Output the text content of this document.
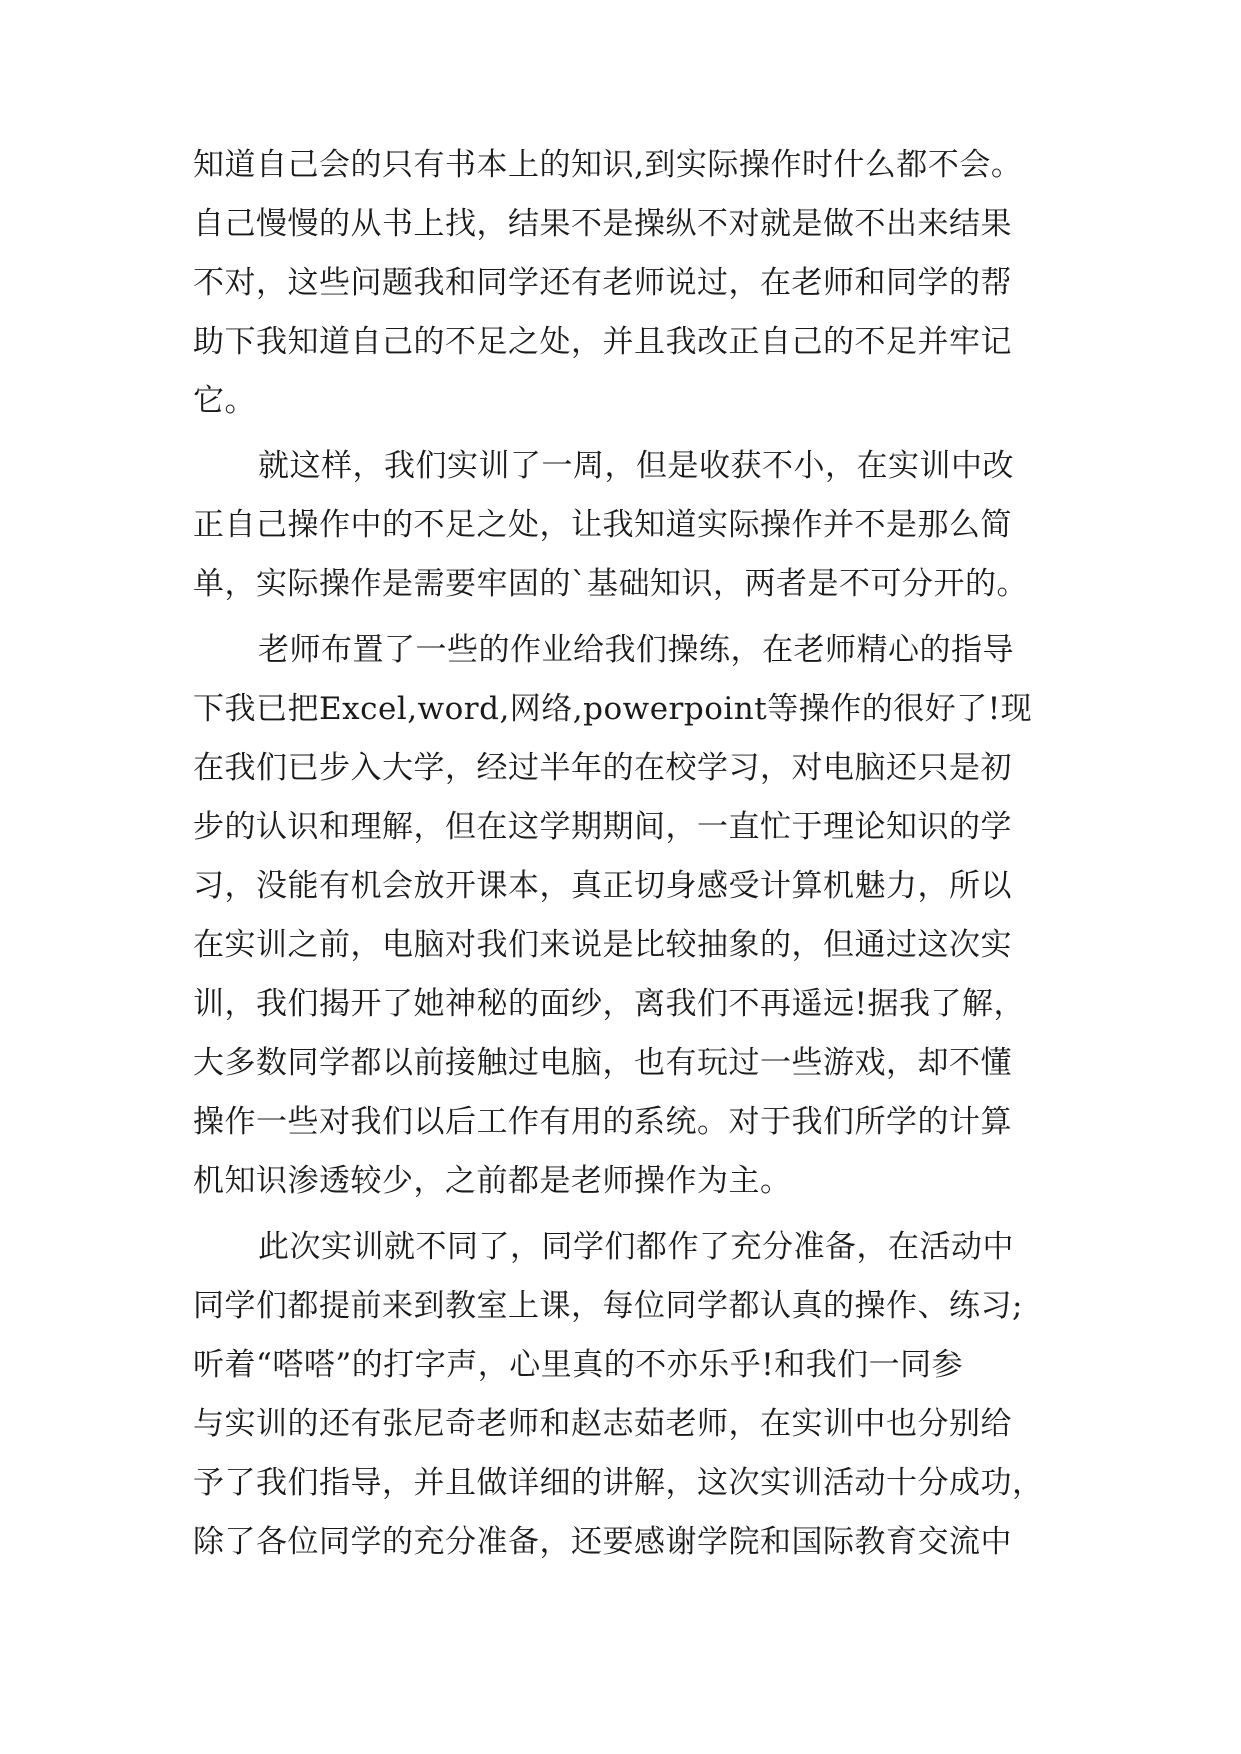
知道自己会的只有书本上的知识,到实际操作时什么都不会。
自己慢慢的从书上找，结果不是操纵不对就是做不出来结果
不对，这些问题我和同学还有老师说过，在老师和同学的帮
助下我知道自己的不足之处，并且我改正自己的不足并牢记
它。
就这样，我们实训了一周，但是收获不小，在实训中改
正自己操作中的不足之处，让我知道实际操作并不是那么简
单，实际操作是需要牢固的`基础知识，两者是不可分开的。
老师布置了一些的作业给我们操练，在老师精心的指导
下我已把Excel,word,网络,powerpoint等操作的很好了!现
在我们已步入大学，经过半年的在校学习，对电脑还只是初
步的认识和理解，但在这学期期间，一直忙于理论知识的学
习，没能有机会放开课本，真正切身感受计算机魅力，所以
在实训之前，电脑对我们来说是比较抽象的，但通过这次实
训，我们揭开了她神秘的面纱，离我们不再遥远!据我了解，
大多数同学都以前接触过电脑，也有玩过一些游戏，却不懂
操作一些对我们以后工作有用的系统。对于我们所学的计算
机知识渗透较少，之前都是老师操作为主。
此次实训就不同了，同学们都作了充分准备，在活动中
同学们都提前来到教室上课，每位同学都认真的操作、练习;
听着“嗒嗒”的打字声，心里真的不亦乐乎!和我们一同参
与实训的还有张尼奇老师和赵志茹老师，在实训中也分别给
予了我们指导，并且做详细的讲解，这次实训活动十分成功，
除了各位同学的充分准备，还要感谢学院和国际教育交流中
